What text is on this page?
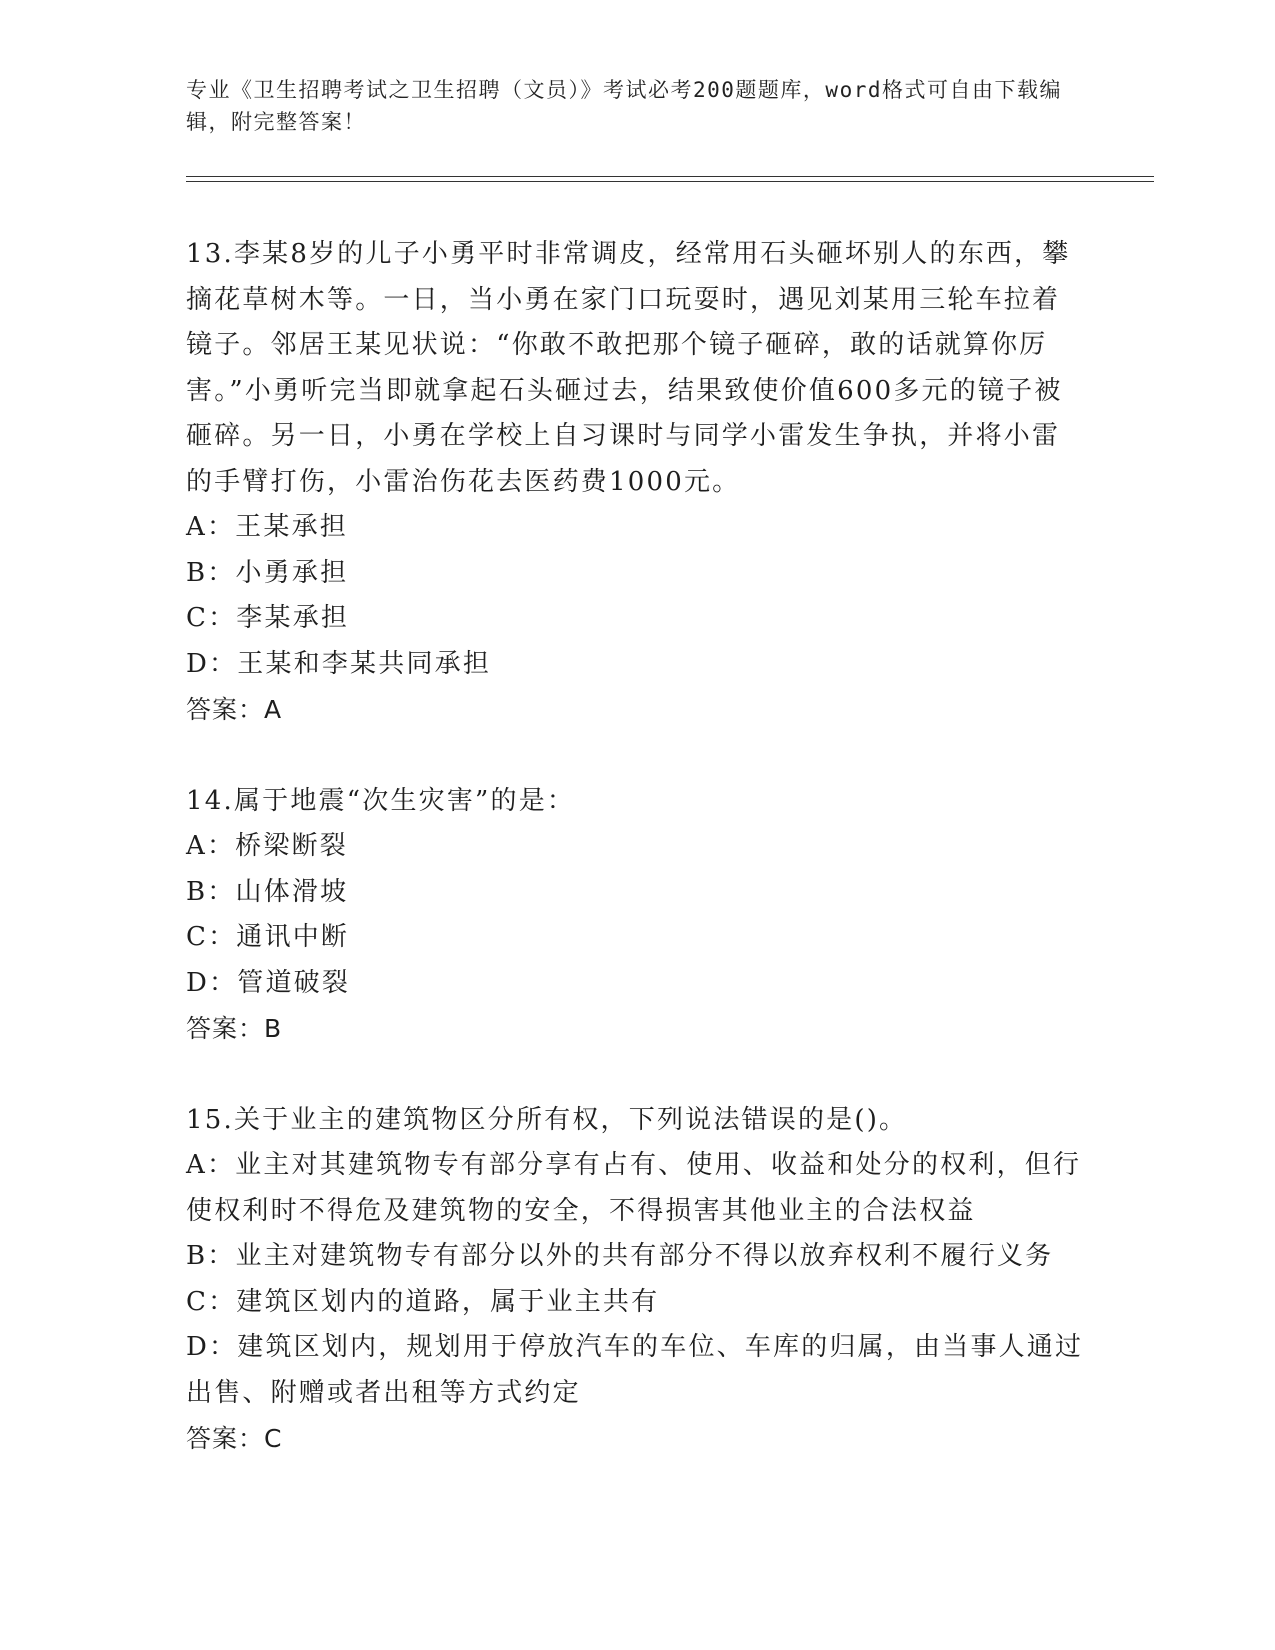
专业《卫生招聘考试之卫生招聘（文员）》考试必考200题题库，word格式可自由下载编辑，附完整答案！

13.李某8岁的儿子小勇平时非常调皮，经常用石头砸坏别人的东西，攀摘花草树木等。一日，当小勇在家门口玩耍时，遇见刘某用三轮车拉着镜子。邻居王某见状说：“你敢不敢把那个镜子砸碎，敢的话就算你厉害。”小勇听完当即就拿起石头砸过去，结果致使价值600多元的镜子被砸碎。另一日，小勇在学校上自习课时与同学小雷发生争执，并将小雷的手臂打伤，小雷治伤花去医药费1000元。

A：王某承担

B：小勇承担

C：李某承担

D：王某和李某共同承担

答案：A

14.属于地震“次生灾害”的是：

A：桥梁断裂

B：山体滑坡

C：通讯中断

D：管道破裂

答案：B

15.关于业主的建筑物区分所有权，下列说法错误的是()。

A：业主对其建筑物专有部分享有占有、使用、收益和处分的权利，但行使权利时不得危及建筑物的安全，不得损害其他业主的合法权益

B：业主对建筑物专有部分以外的共有部分不得以放弃权利不履行义务

C：建筑区划内的道路，属于业主共有

D：建筑区划内，规划用于停放汽车的车位、车库的归属，由当事人通过出售、附赠或者出租等方式约定

答案：C
